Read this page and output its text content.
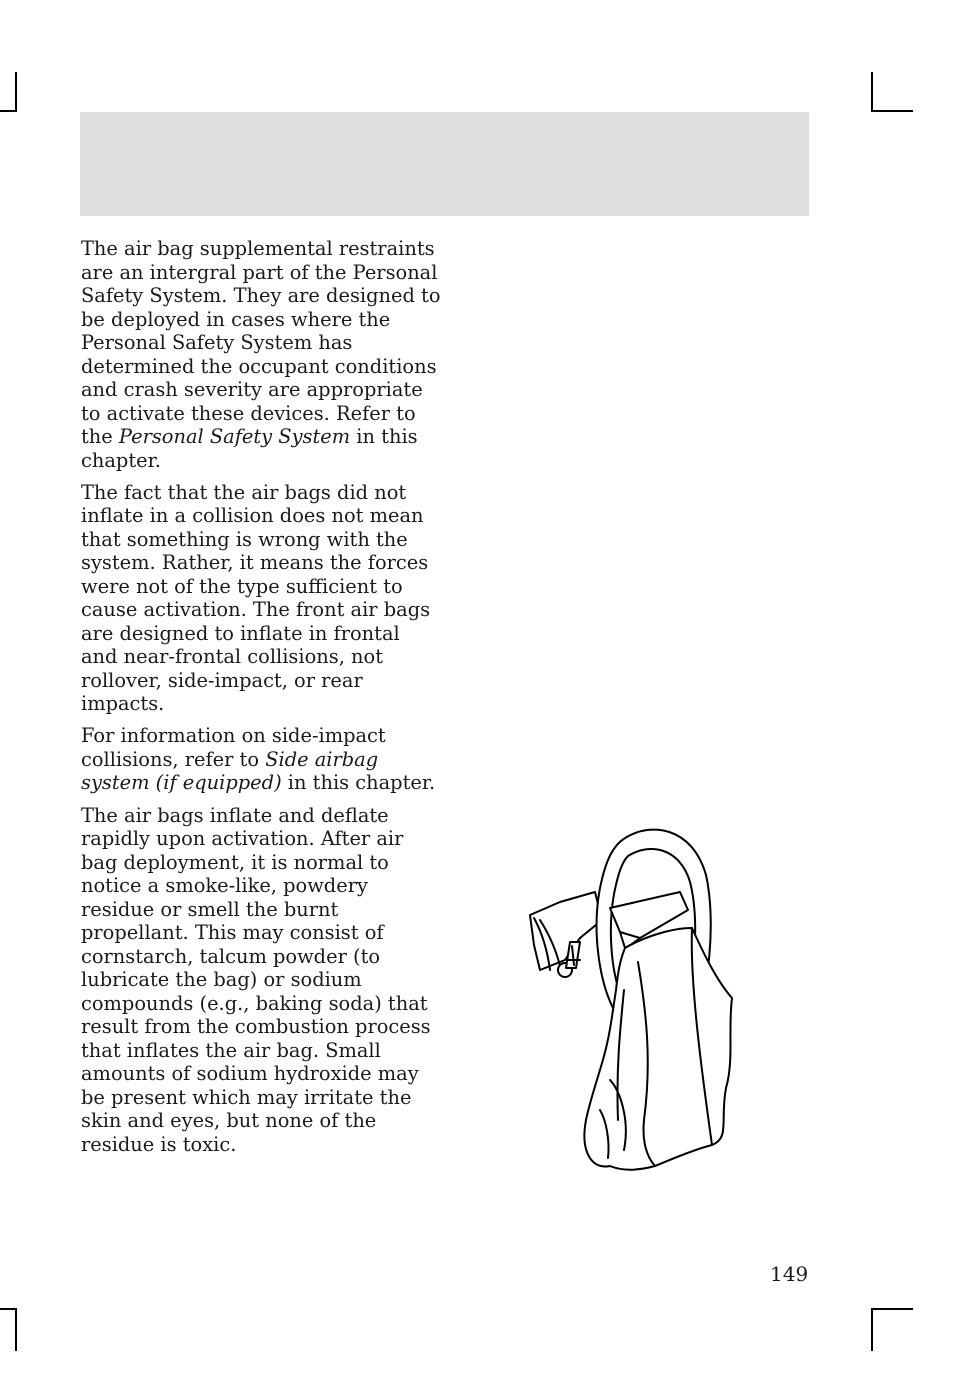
The air bag supplemental restraints are an intergral part of the Personal Safety System. They are designed to be deployed in cases where the Personal Safety System has determined the occupant conditions and crash severity are appropriate to activate these devices. Refer to the Personal Safety System in this chapter.

The fact that the air bags did not inflate in a collision does not mean that something is wrong with the system. Rather, it means the forces were not of the type sufficient to cause activation. The front air bags are designed to inflate in frontal and near-frontal collisions, not rollover, side-impact, or rear impacts.

For information on side-impact collisions, refer to Side airbag system (if equipped) in this chapter.

The air bags inflate and deflate rapidly upon activation. After air bag deployment, it is normal to notice a smoke-like, powdery residue or smell the burnt propellant. This may consist of cornstarch, talcum powder (to lubricate the bag) or sodium compounds (e.g., baking soda) that result from the combustion process that inflates the air bag. Small amounts of sodium hydroxide may be present which may irritate the skin and eyes, but none of the residue is toxic.

149
